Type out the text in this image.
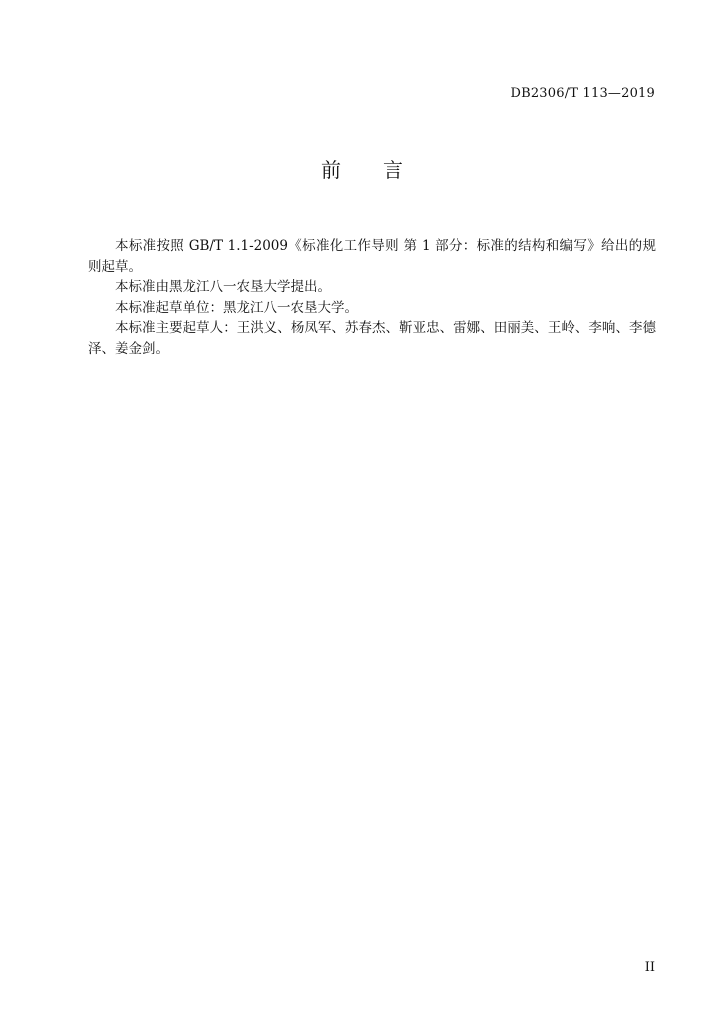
DB2306/T 113—2019
前 言

本标准按照 GB/T 1.1-2009《标准化工作导则 第 1 部分：标准的结构和编写》给出的规则起草。

本标准由黑龙江八一农垦大学提出。

本标准起草单位：黑龙江八一农垦大学。

本标准主要起草人：王洪义、杨凤军、苏春杰、靳亚忠、雷娜、田丽美、王岭、李响、李德泽、姜金剑。

II
